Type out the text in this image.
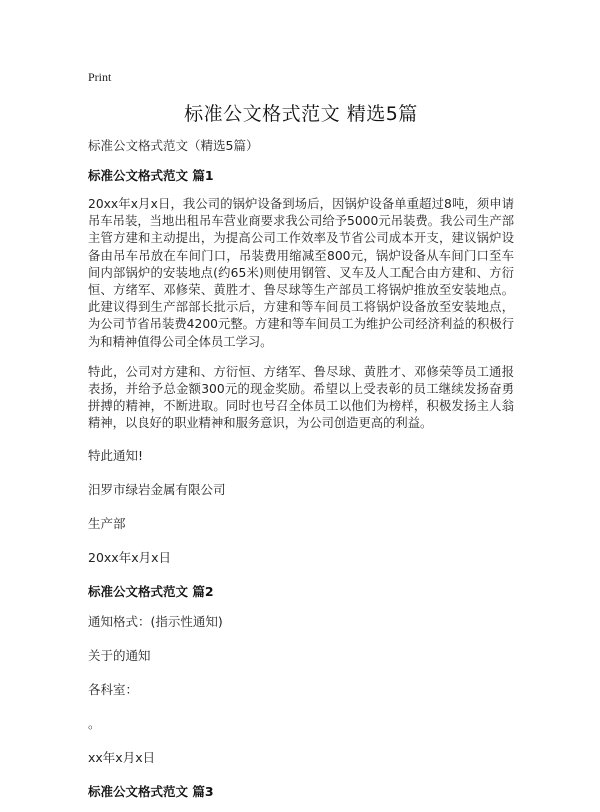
Print
标准公文格式范文 精选5篇
标准公文格式范文（精选5篇）
标准公文格式范文 篇1

20xx年x月x日，我公司的锅炉设备到场后，因锅炉设备单重超过8吨，须申请吊车吊装，当地出租吊车营业商要求我公司给予5000元吊装费。我公司生产部主管方建和主动提出，为提高公司工作效率及节省公司成本开支，建议锅炉设备由吊车吊放在车间门口，吊装费用缩减至800元，锅炉设备从车间门口至车间内部锅炉的安装地点(约65米)则使用钢管、叉车及人工配合由方建和、方衍恒、方绪军、邓修荣、黄胜才、鲁尽球等生产部员工将锅炉推放至安装地点。此建议得到生产部部长批示后，方建和等车间员工将锅炉设备放至安装地点，为公司节省吊装费4200元整。方建和等车间员工为维护公司经济利益的积极行为和精神值得公司全体员工学习。

特此，公司对方建和、方衍恒、方绪军、鲁尽球、黄胜才、邓修荣等员工通报表扬，并给予总金额300元的现金奖励。希望以上受表彰的员工继续发扬奋勇拼搏的精神，不断进取。同时也号召全体员工以他们为榜样，积极发扬主人翁精神，以良好的职业精神和服务意识，为公司创造更高的利益。

特此通知!
汨罗市绿岩金属有限公司
生产部
20xx年x月x日
标准公文格式范文 篇2
通知格式：(指示性通知)
关于的通知
各科室：
。
xx年x月x日
标准公文格式范文 篇3
